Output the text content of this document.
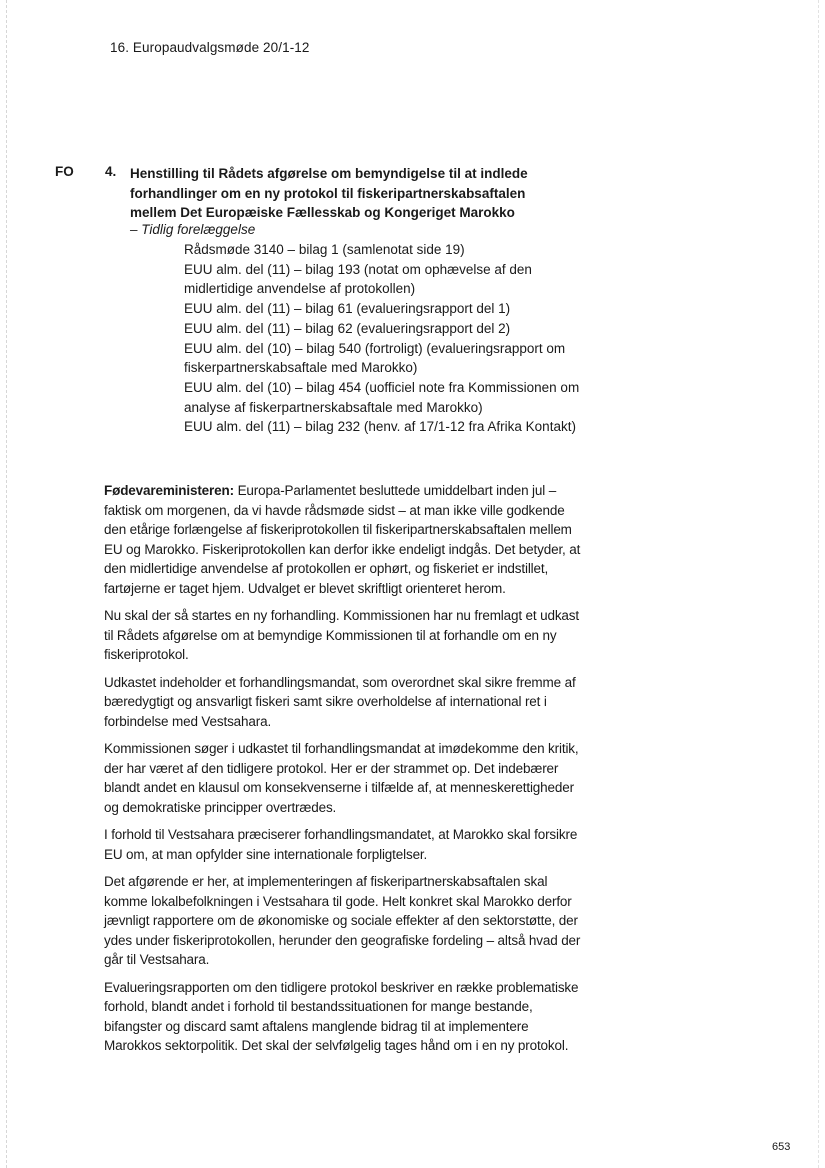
16. Europaudvalgsmøde 20/1-12
FO 4. Henstilling til Rådets afgørelse om bemyndigelse til at indlede forhandlinger om en ny protokol til fiskeripartnerskabsaftalen mellem Det Europæiske Fællesskab og Kongeriget Marokko
– Tidlig forelæggelse
Rådsmøde 3140 – bilag 1 (samlenotat side 19)
EUU alm. del (11) – bilag 193 (notat om ophævelse af den midlertidige anvendelse af protokollen)
EUU alm. del (11) – bilag 61 (evalueringsrapport del 1)
EUU alm. del (11) – bilag 62 (evalueringsrapport del 2)
EUU alm. del (10) – bilag 540 (fortroligt) (evalueringsrapport om fiskerpartnerskabsaftale med Marokko)
EUU alm. del (10) – bilag 454 (uofficiel note fra Kommissionen om analyse af fiskerpartnerskabsaftale med Marokko)
EUU alm. del (11) – bilag 232 (henv. af 17/1-12 fra Afrika Kontakt)

Fødevareministeren: Europa-Parlamentet besluttede umiddelbart inden jul – faktisk om morgenen, da vi havde rådsmøde sidst – at man ikke ville godkende den etårige forlængelse af fiskeriprotokollen til fiskeripartnerskabsaftalen mellem EU og Marokko. Fiskeriprotokollen kan derfor ikke endeligt indgås. Det betyder, at den midlertidige anvendelse af protokollen er ophørt, og fiskeriet er indstillet, fartøjerne er taget hjem. Udvalget er blevet skriftligt orienteret herom.

Nu skal der så startes en ny forhandling. Kommissionen har nu fremlagt et udkast til Rådets afgørelse om at bemyndige Kommissionen til at forhandle om en ny fiskeriprotokol.

Udkastet indeholder et forhandlingsmandat, som overordnet skal sikre fremme af bæredygtigt og ansvarligt fiskeri samt sikre overholdelse af international ret i forbindelse med Vestsahara.

Kommissionen søger i udkastet til forhandlingsmandat at imødekomme den kritik, der har været af den tidligere protokol. Her er der strammet op. Det indebærer blandt andet en klausul om konsekvenserne i tilfælde af, at menneskerettigheder og demokratiske principper overtrædes.

I forhold til Vestsahara præciserer forhandlingsmandatet, at Marokko skal forsikre EU om, at man opfylder sine internationale forpligtelser.

Det afgørende er her, at implementeringen af fiskeripartnerskabsaftalen skal komme lokalbefolkningen i Vestsahara til gode. Helt konkret skal Marokko derfor jævnligt rapportere om de økonomiske og sociale effekter af den sektorstøtte, der ydes under fiskeriprotokollen, herunder den geografiske fordeling – altså hvad der går til Vestsahara.

Evalueringsrapporten om den tidligere protokol beskriver en række problematiske forhold, blandt andet i forhold til bestandssituationen for mange bestande, bifangster og discard samt aftalens manglende bidrag til at implementere Marokkos sektorpolitik. Det skal der selvfølgelig tages hånd om i en ny protokol.

653
